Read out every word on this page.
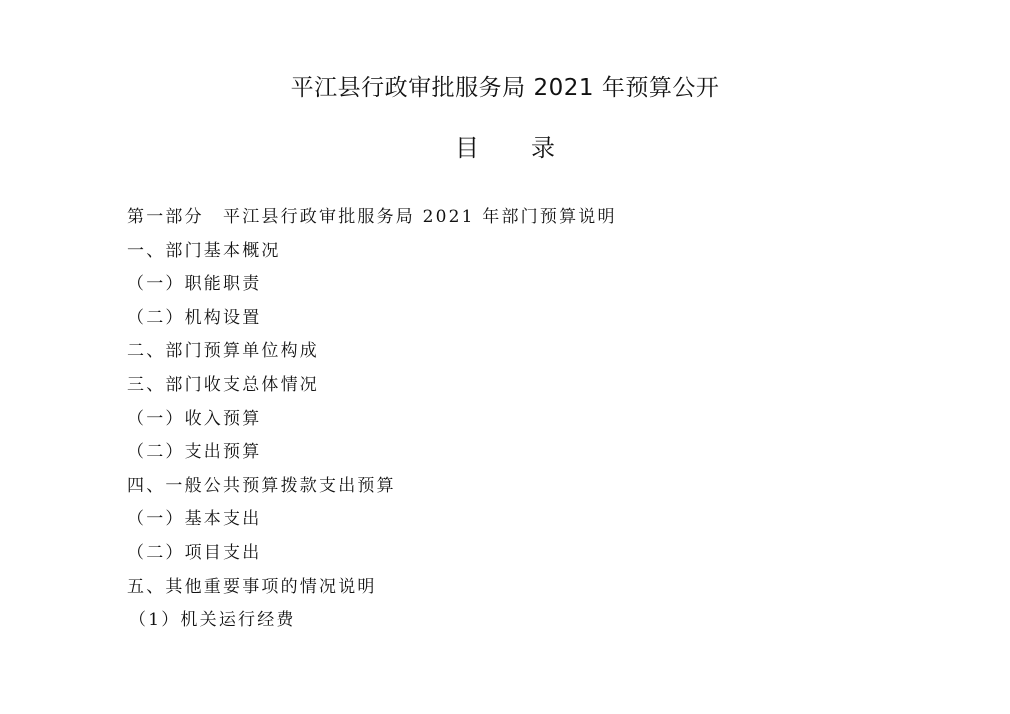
平江县行政审批服务局 2021 年预算公开
目录
第一部分　平江县行政审批服务局 2021 年部门预算说明
一、部门基本概况
（一）职能职责
（二）机构设置
二、部门预算单位构成
三、部门收支总体情况
（一）收入预算
（二）支出预算
四、一般公共预算拨款支出预算
（一）基本支出
（二）项目支出
五、其他重要事项的情况说明
（1）机关运行经费
